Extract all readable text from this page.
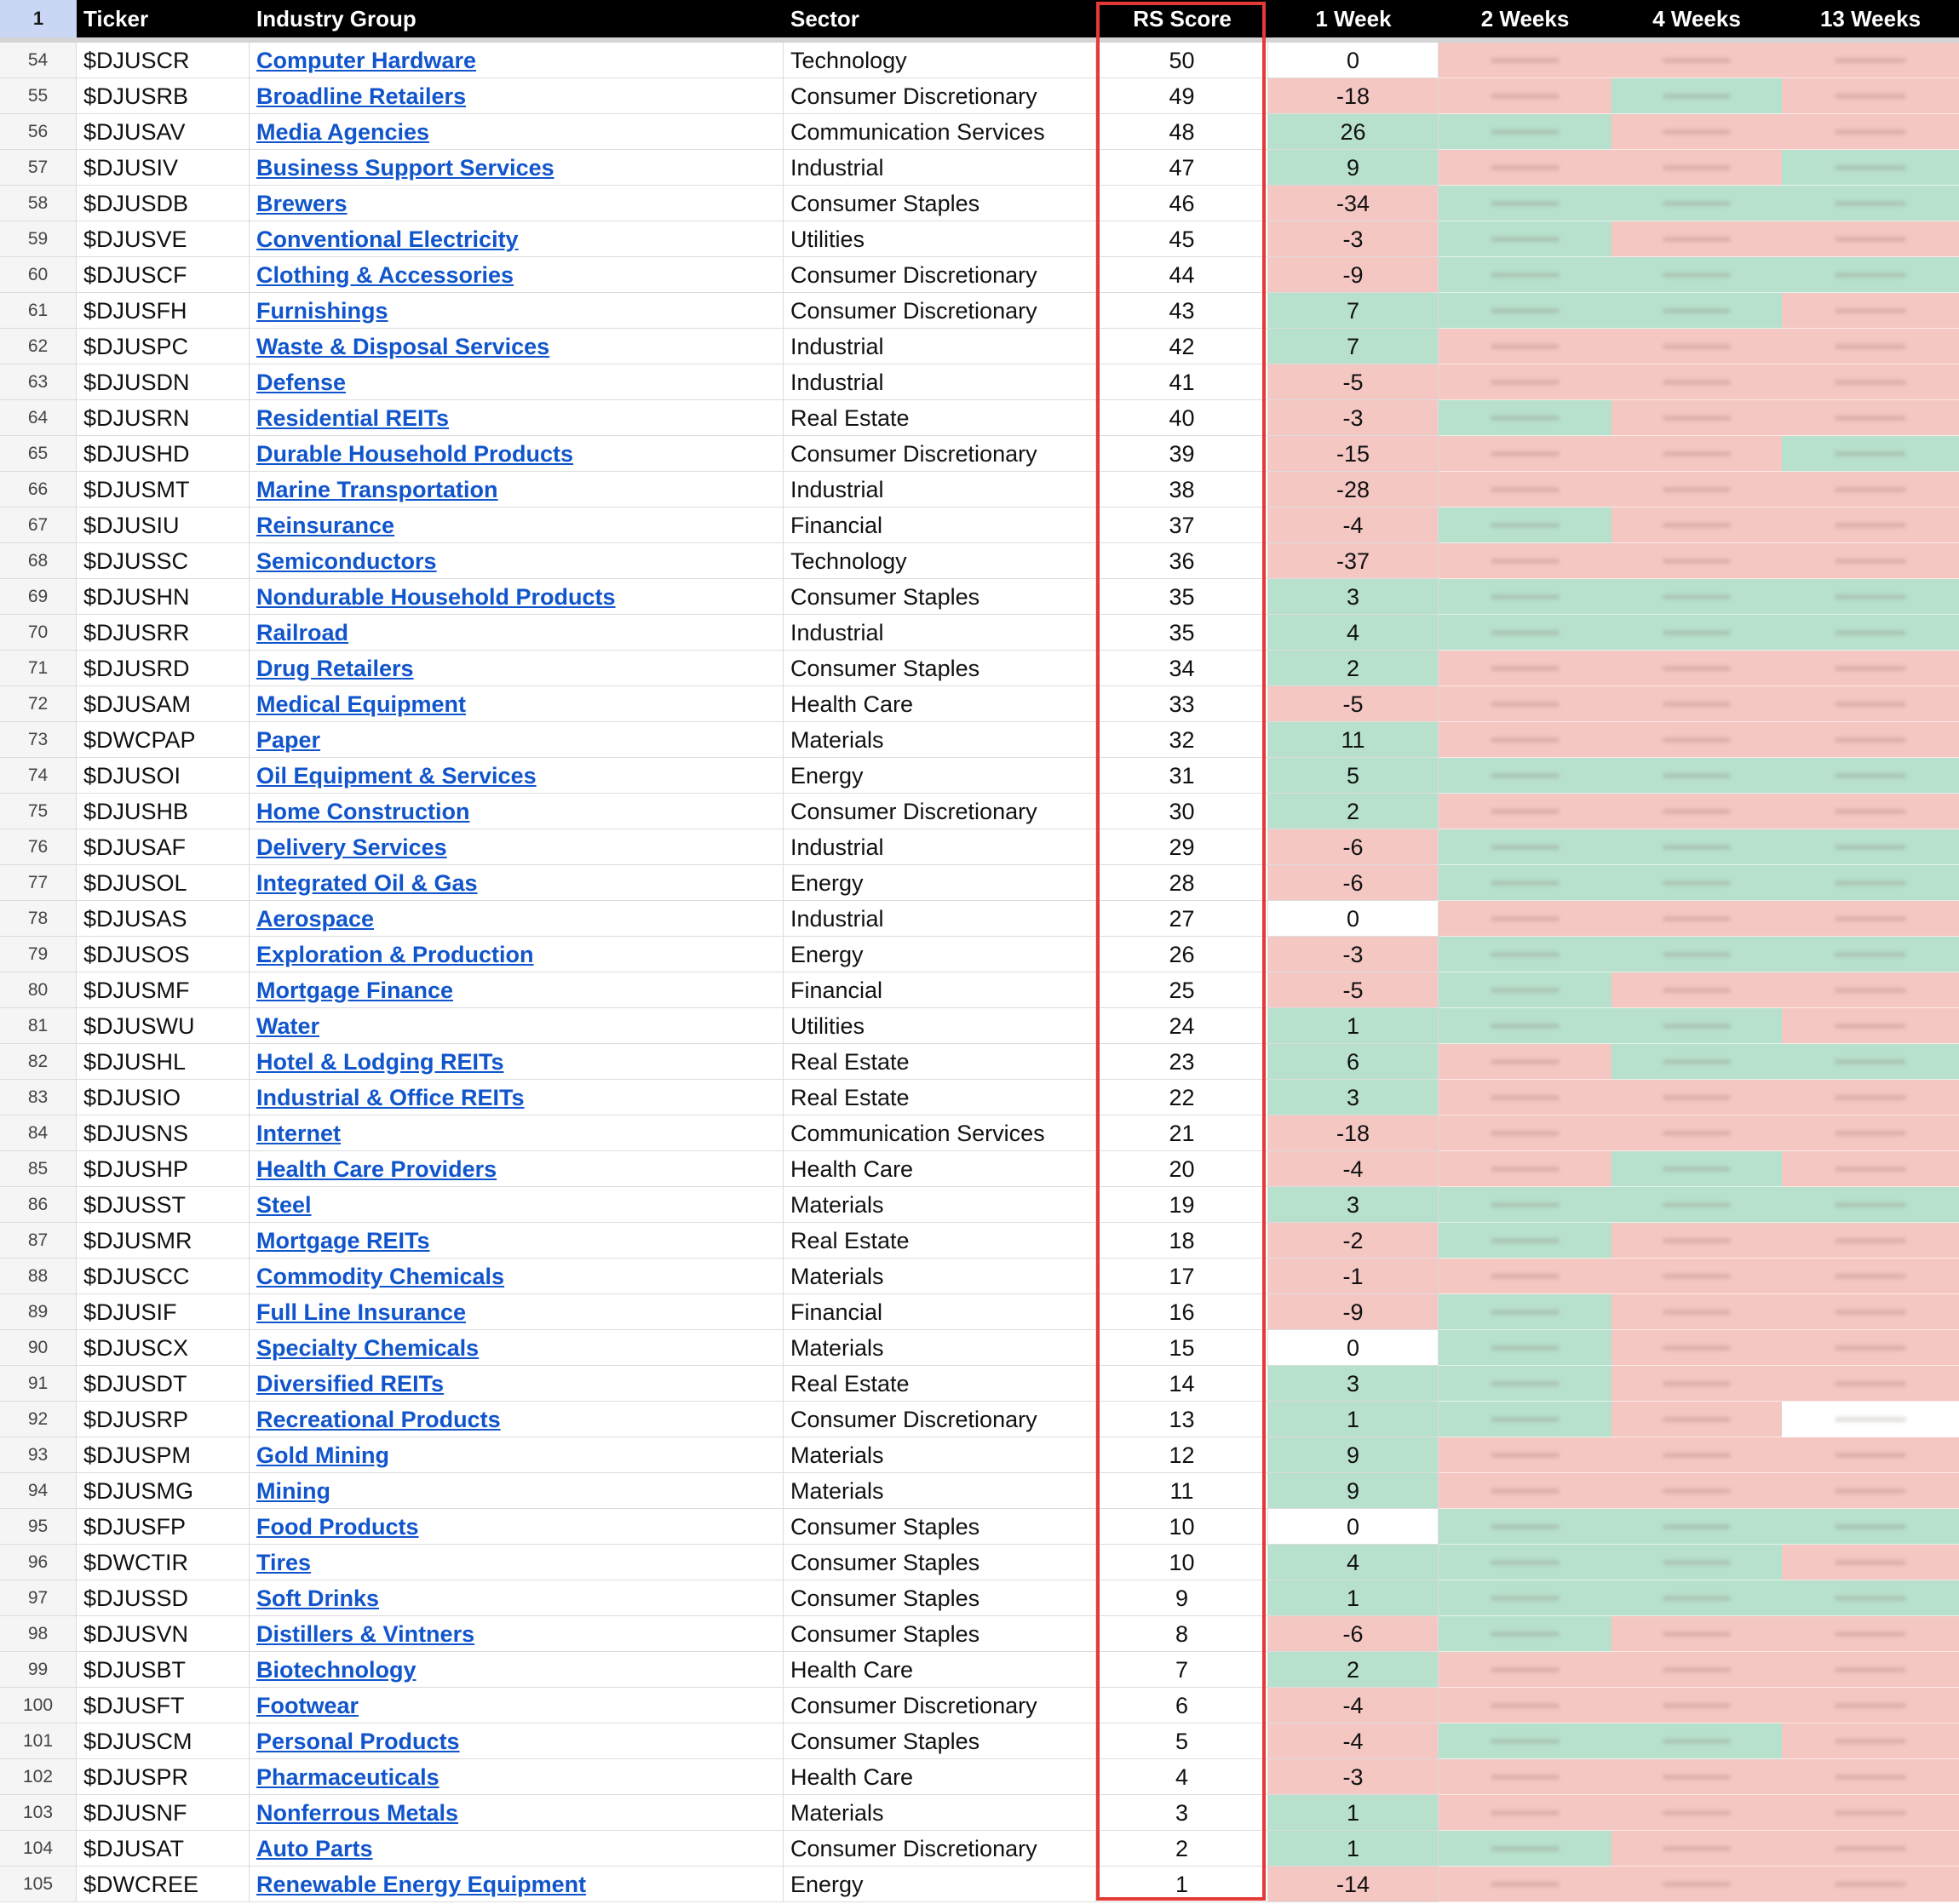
1	Ticker	Industry Group	Sector	RS Score	1 Week	2 Weeks	4 Weeks	13 Weeks
54	$DJUSCR	Computer Hardware	Technology	50	0
55	$DJUSRB	Broadline Retailers	Consumer Discretionary	49	-18
56	$DJUSAV	Media Agencies	Communication Services	48	26
57	$DJUSIV	Business Support Services	Industrial	47	9
58	$DJUSDB	Brewers	Consumer Staples	46	-34
59	$DJUSVE	Conventional Electricity	Utilities	45	-3
60	$DJUSCF	Clothing & Accessories	Consumer Discretionary	44	-9
61	$DJUSFH	Furnishings	Consumer Discretionary	43	7
62	$DJUSPC	Waste & Disposal Services	Industrial	42	7
63	$DJUSDN	Defense	Industrial	41	-5
64	$DJUSRN	Residential REITs	Real Estate	40	-3
65	$DJUSHD	Durable Household Products	Consumer Discretionary	39	-15
66	$DJUSMT	Marine Transportation	Industrial	38	-28
67	$DJUSIU	Reinsurance	Financial	37	-4
68	$DJUSSC	Semiconductors	Technology	36	-37
69	$DJUSHN	Nondurable Household Products	Consumer Staples	35	3
70	$DJUSRR	Railroad	Industrial	35	4
71	$DJUSRD	Drug Retailers	Consumer Staples	34	2
72	$DJUSAM	Medical Equipment	Health Care	33	-5
73	$DWCPAP	Paper	Materials	32	11
74	$DJUSOI	Oil Equipment & Services	Energy	31	5
75	$DJUSHB	Home Construction	Consumer Discretionary	30	2
76	$DJUSAF	Delivery Services	Industrial	29	-6
77	$DJUSOL	Integrated Oil & Gas	Energy	28	-6
78	$DJUSAS	Aerospace	Industrial	27	0
79	$DJUSOS	Exploration & Production	Energy	26	-3
80	$DJUSMF	Mortgage Finance	Financial	25	-5
81	$DJUSWU	Water	Utilities	24	1
82	$DJUSHL	Hotel & Lodging REITs	Real Estate	23	6
83	$DJUSIO	Industrial & Office REITs	Real Estate	22	3
84	$DJUSNS	Internet	Communication Services	21	-18
85	$DJUSHP	Health Care Providers	Health Care	20	-4
86	$DJUSST	Steel	Materials	19	3
87	$DJUSMR	Mortgage REITs	Real Estate	18	-2
88	$DJUSCC	Commodity Chemicals	Materials	17	-1
89	$DJUSIF	Full Line Insurance	Financial	16	-9
90	$DJUSCX	Specialty Chemicals	Materials	15	0
91	$DJUSDT	Diversified REITs	Real Estate	14	3
92	$DJUSRP	Recreational Products	Consumer Discretionary	13	1
93	$DJUSPM	Gold Mining	Materials	12	9
94	$DJUSMG	Mining	Materials	11	9
95	$DJUSFP	Food Products	Consumer Staples	10	0
96	$DWCTIR	Tires	Consumer Staples	10	4
97	$DJUSSD	Soft Drinks	Consumer Staples	9	1
98	$DJUSVN	Distillers & Vintners	Consumer Staples	8	-6
99	$DJUSBT	Biotechnology	Health Care	7	2
100	$DJUSFT	Footwear	Consumer Discretionary	6	-4
101	$DJUSCM	Personal Products	Consumer Staples	5	-4
102	$DJUSPR	Pharmaceuticals	Health Care	4	-3
103	$DJUSNF	Nonferrous Metals	Materials	3	1
104	$DJUSAT	Auto Parts	Consumer Discretionary	2	1
105	$DWCREE	Renewable Energy Equipment	Energy	1	-14
